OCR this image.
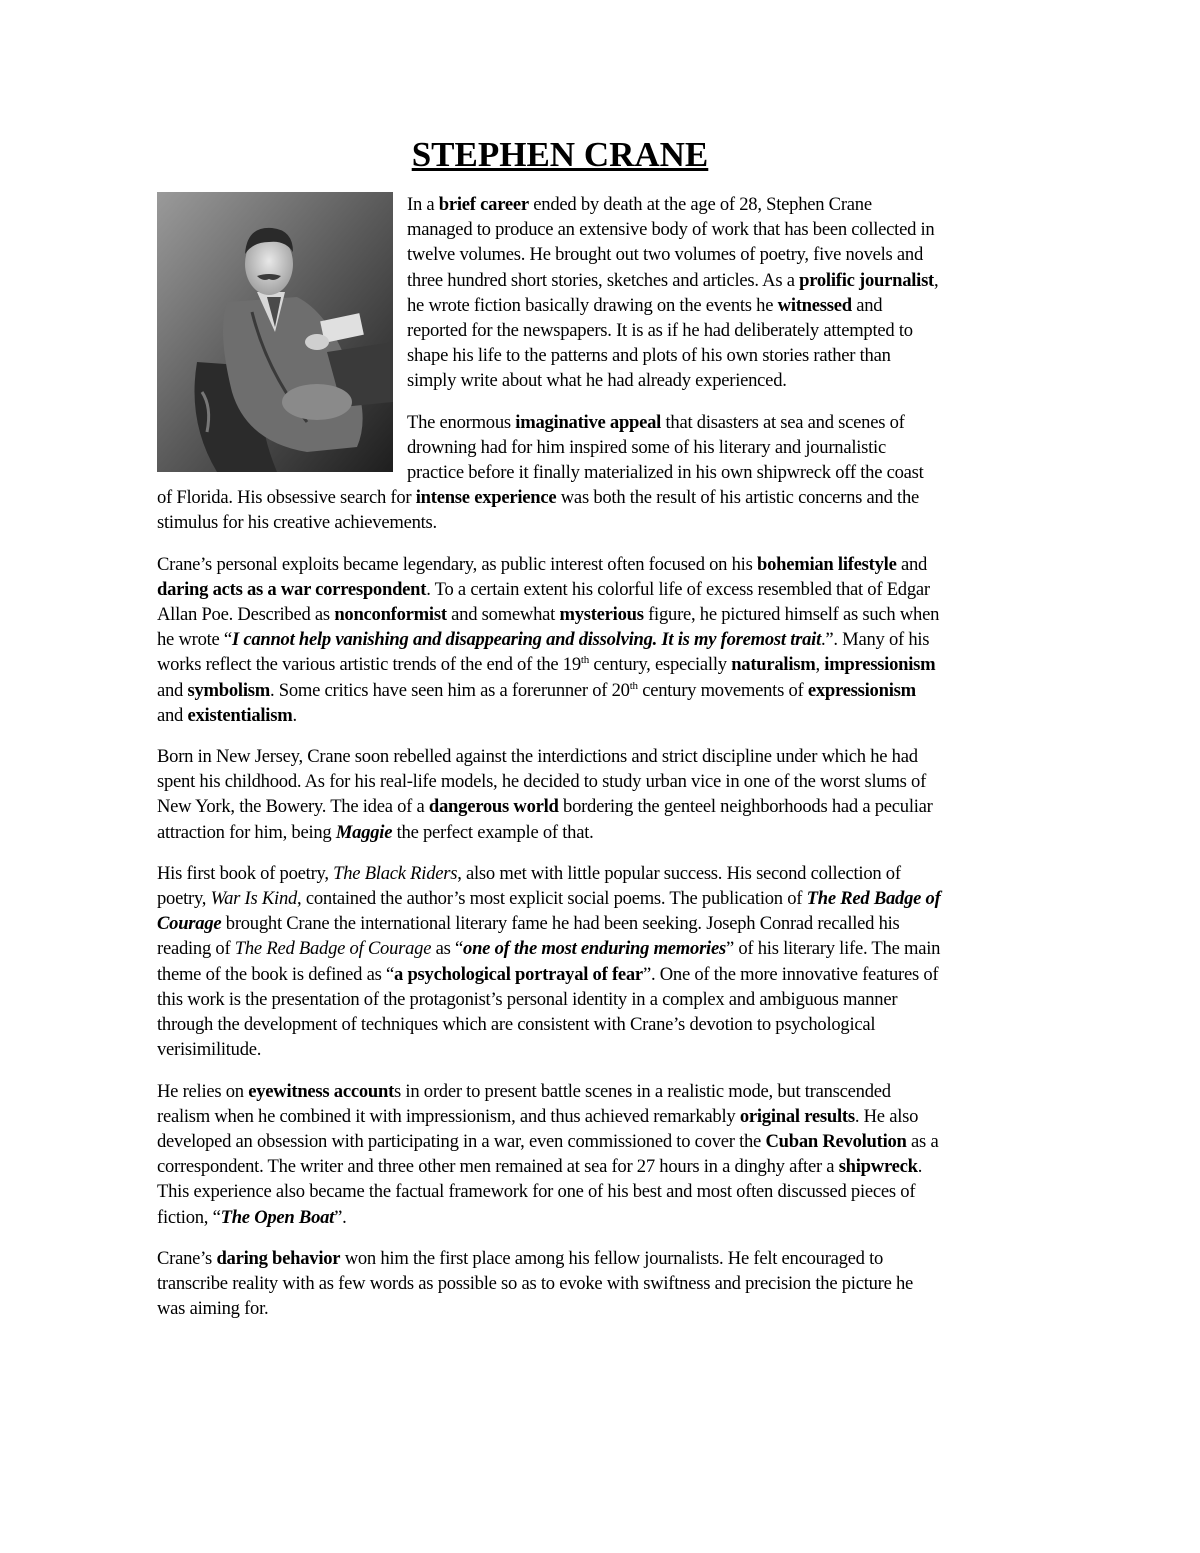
STEPHEN CRANE

In a brief career ended by death at the age of 28, Stephen Crane managed to produce an extensive body of work that has been collected in twelve volumes. He brought out two volumes of poetry, five novels and three hundred short stories, sketches and articles. As a prolific journalist, he wrote fiction basically drawing on the events he witnessed and reported for the newspapers. It is as if he had deliberately attempted to shape his life to the patterns and plots of his own stories rather than simply write about what he had already experienced.

The enormous imaginative appeal that disasters at sea and scenes of drowning had for him inspired some of his literary and journalistic practice before it finally materialized in his own shipwreck off the coast of Florida. His obsessive search for intense experience was both the result of his artistic concerns and the stimulus for his creative achievements.

Crane’s personal exploits became legendary, as public interest often focused on his bohemian lifestyle and daring acts as a war correspondent. To a certain extent his colorful life of excess resembled that of Edgar Allan Poe. Described as nonconformist and somewhat mysterious figure, he pictured himself as such when he wrote “I cannot help vanishing and disappearing and dissolving. It is my foremost trait.”. Many of his works reflect the various artistic trends of the end of the 19th century, especially naturalism, impressionism and symbolism. Some critics have seen him as a forerunner of 20th century movements of expressionism and existentialism.

Born in New Jersey, Crane soon rebelled against the interdictions and strict discipline under which he had spent his childhood. As for his real-life models, he decided to study urban vice in one of the worst slums of New York, the Bowery. The idea of a dangerous world bordering the genteel neighborhoods had a peculiar attraction for him, being Maggie the perfect example of that.

His first book of poetry, The Black Riders, also met with little popular success. His second collection of poetry, War Is Kind, contained the author’s most explicit social poems. The publication of The Red Badge of Courage brought Crane the international literary fame he had been seeking. Joseph Conrad recalled his reading of The Red Badge of Courage as “one of the most enduring memories” of his literary life. The main theme of the book is defined as “a psychological portrayal of fear”. One of the more innovative features of this work is the presentation of the protagonist’s personal identity in a complex and ambiguous manner through the development of techniques which are consistent with Crane’s devotion to psychological verisimilitude.

He relies on eyewitness accounts in order to present battle scenes in a realistic mode, but transcended realism when he combined it with impressionism, and thus achieved remarkably original results. He also developed an obsession with participating in a war, even commissioned to cover the Cuban Revolution as a correspondent. The writer and three other men remained at sea for 27 hours in a dinghy after a shipwreck. This experience also became the factual framework for one of his best and most often discussed pieces of fiction, “The Open Boat”.

Crane’s daring behavior won him the first place among his fellow journalists. He felt encouraged to transcribe reality with as few words as possible so as to evoke with swiftness and precision the picture he was aiming for.
